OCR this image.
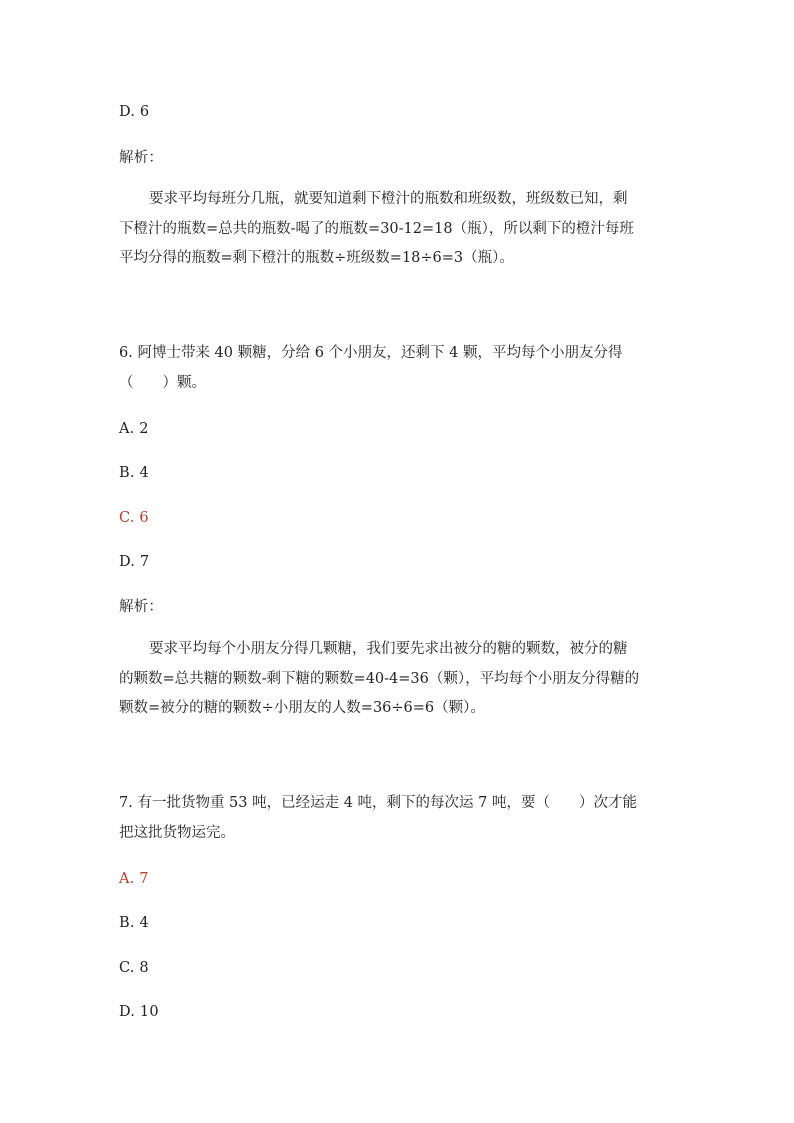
D. 6
解析：
要求平均每班分几瓶，就要知道剩下橙汁的瓶数和班级数，班级数已知，剩
下橙汁的瓶数=总共的瓶数-喝了的瓶数=30-12=18（瓶），所以剩下的橙汁每班
平均分得的瓶数=剩下橙汁的瓶数÷班级数=18÷6=3（瓶）。
6. 阿博士带来 40 颗糖，分给 6 个小朋友，还剩下 4 颗，平均每个小朋友分得
（　　）颗。
A. 2
B. 4
C. 6
D. 7
解析：
要求平均每个小朋友分得几颗糖，我们要先求出被分的糖的颗数，被分的糖
的颗数=总共糖的颗数-剩下糖的颗数=40-4=36（颗），平均每个小朋友分得糖的
颗数=被分的糖的颗数÷小朋友的人数=36÷6=6（颗）。
7. 有一批货物重 53 吨，已经运走 4 吨，剩下的每次运 7 吨，要（　　）次才能
把这批货物运完。
A. 7
B. 4
C. 8
D. 10
